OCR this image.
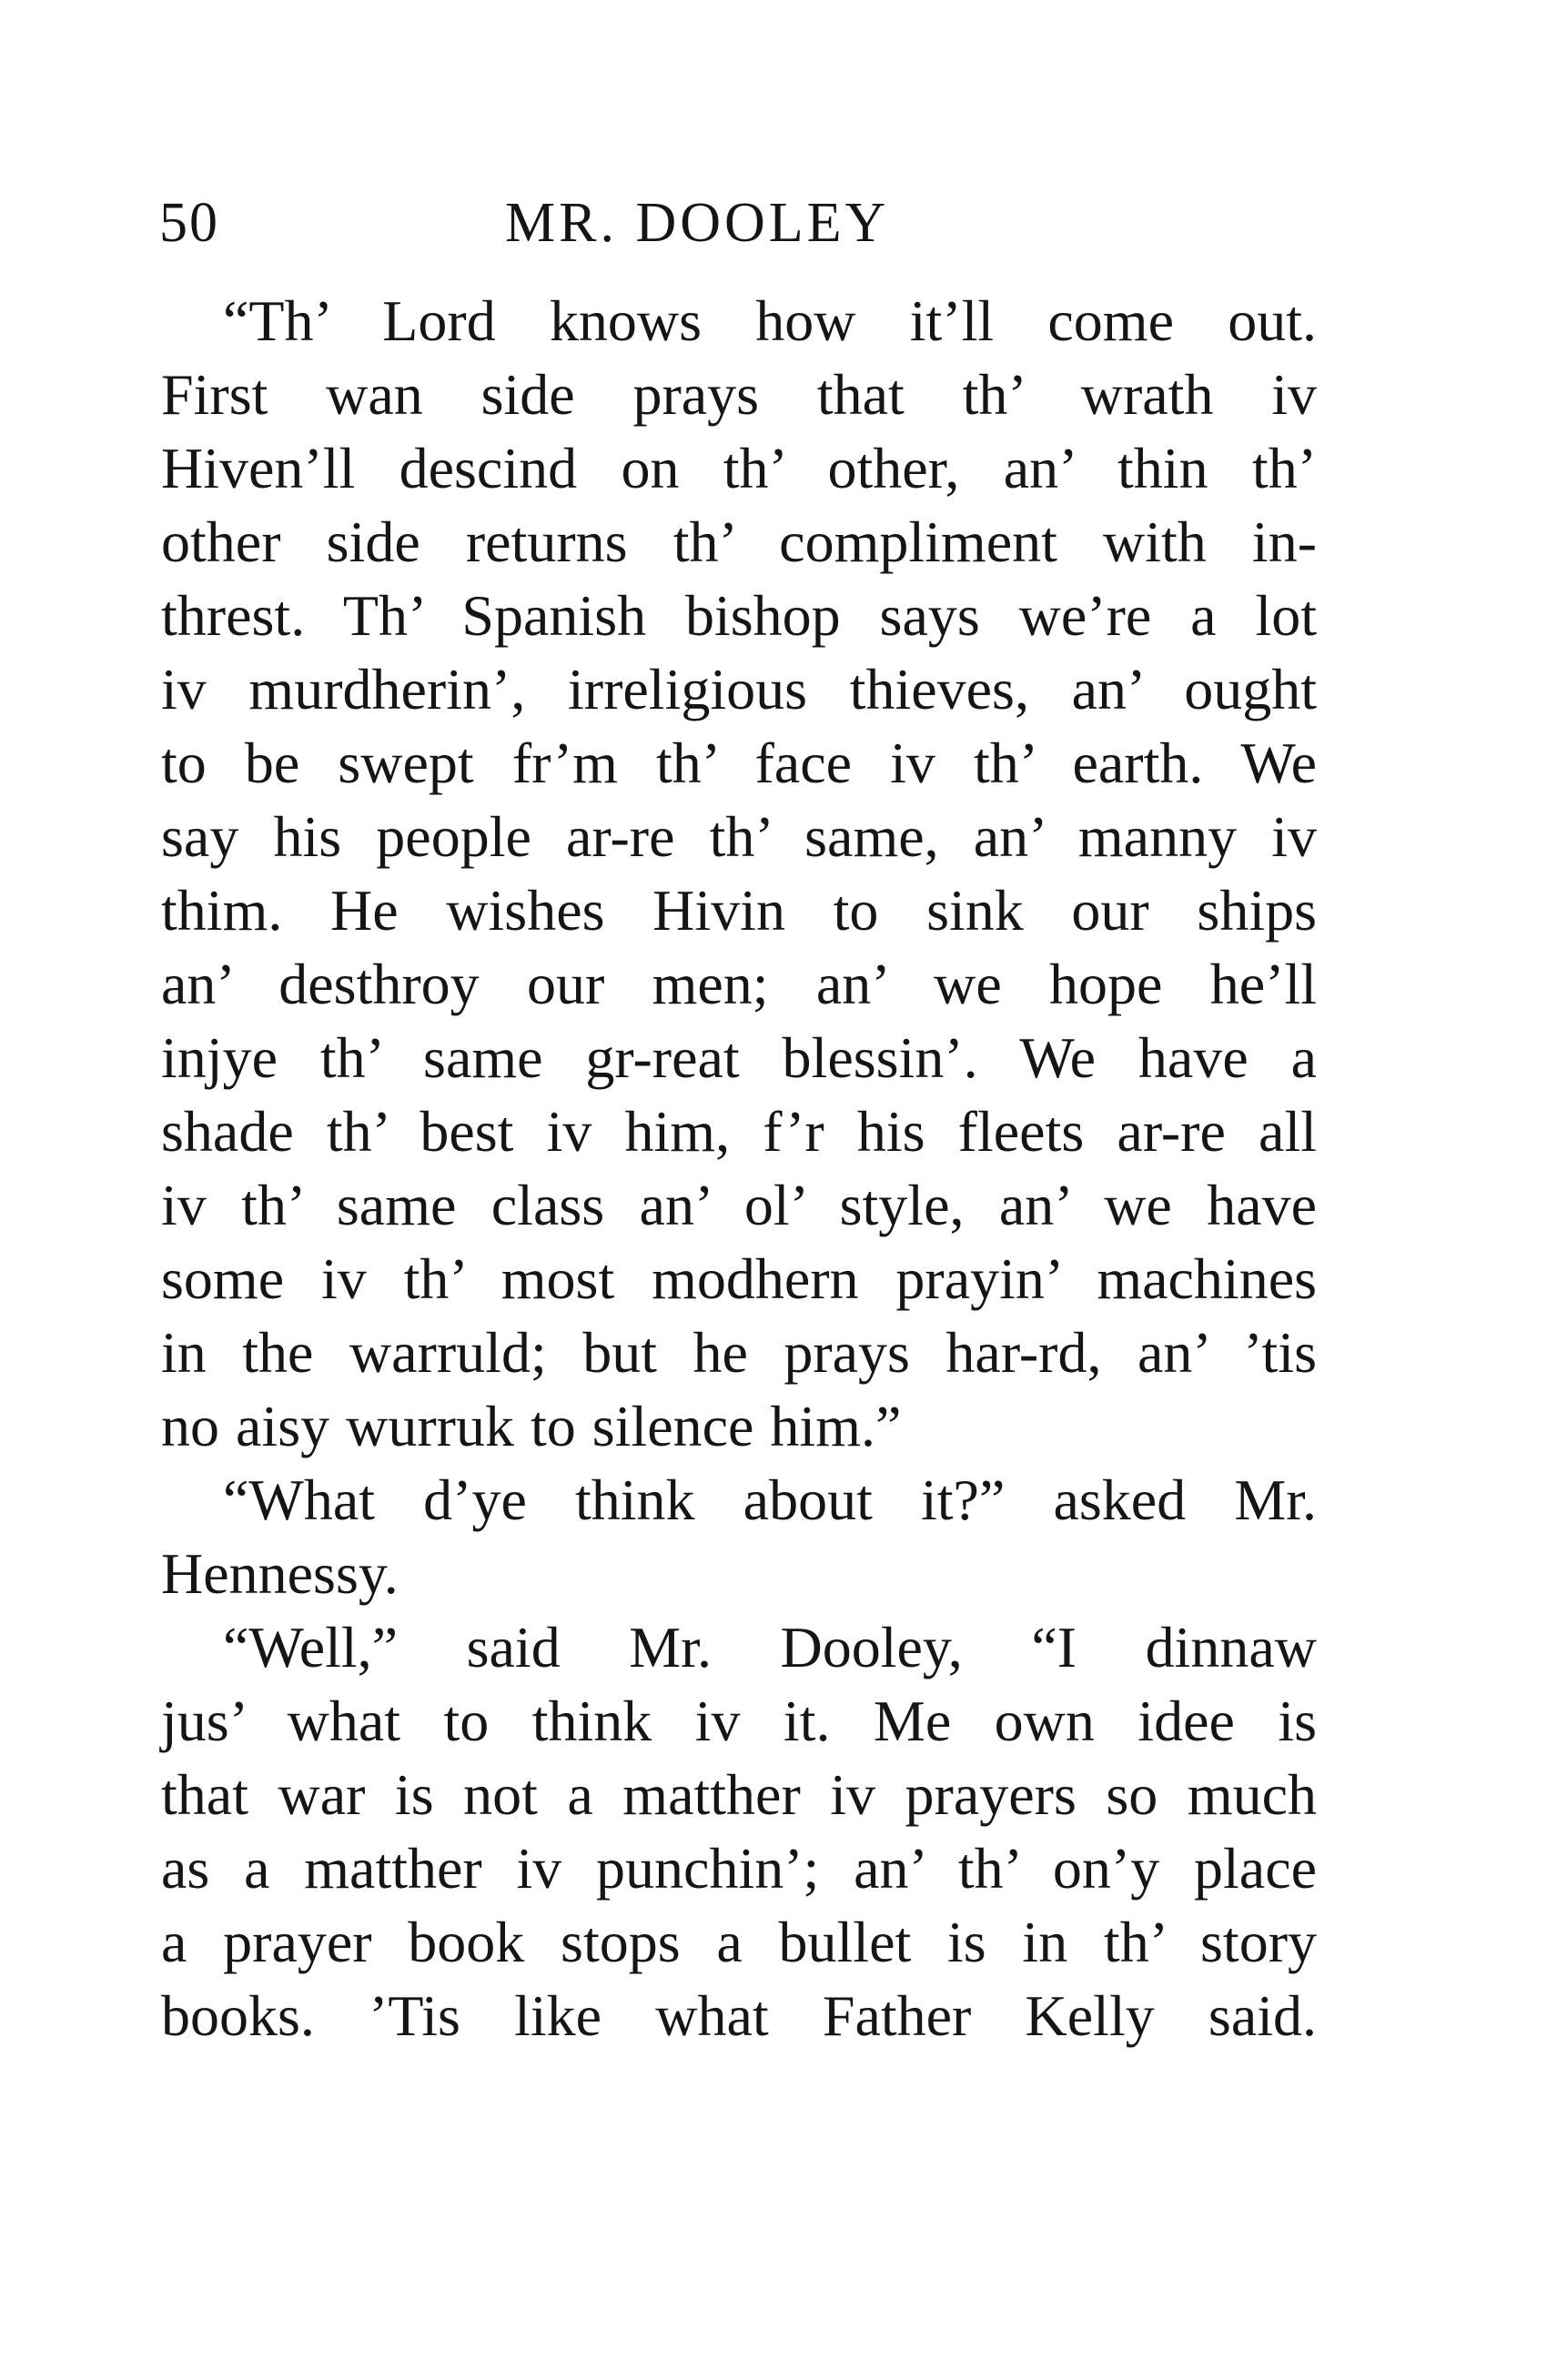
50	MR. DOOLEY
“Th’ Lord knows how it’ll come out.
First wan side prays that th’ wrath iv
Hiven’ll descind on th’ other, an’ thin th’
other side returns th’ compliment with in-
threst. Th’ Spanish bishop says we’re a lot
iv murdherin’, irreligious thieves, an’ ought
to be swept fr’m th’ face iv th’ earth. We
say his people ar-re th’ same, an’ manny iv
thim. He wishes Hivin to sink our ships
an’ desthroy our men; an’ we hope he’ll
injye th’ same gr-reat blessin’. We have a
shade th’ best iv him, f’r his fleets ar-re all
iv th’ same class an’ ol’ style, an’ we have
some iv th’ most modhern prayin’ machines
in the warruld; but he prays har-rd, an’ ’tis
no aisy wurruk to silence him.”
“What d’ye think about it?” asked Mr.
Hennessy.
“Well,” said Mr. Dooley, “I dinnaw
jus’ what to think iv it. Me own idee is
that war is not a matther iv prayers so much
as a matther iv punchin’; an’ th’ on’y place
a prayer book stops a bullet is in th’ story
books. ’Tis like what Father Kelly said.
